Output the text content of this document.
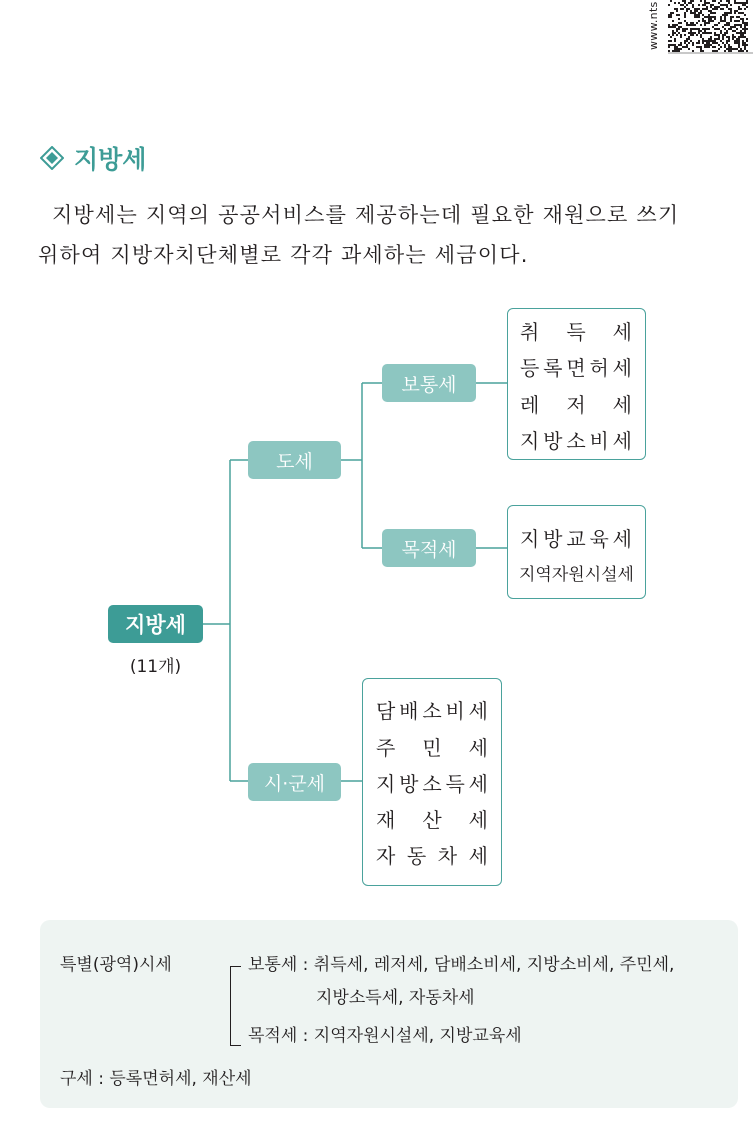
www.nts
지방세

지방세는 지역의 공공서비스를 제공하는데 필요한 재원으로 쓰기

위하여 지방자치단체별로 각각 과세하는 세금이다.

지방세
(11개)
도세
시·군세
보통세
목적세
취 득 세
등 록 면 허 세
레 저 세
지 방 소 비 세
지 방 교 육 세
지역자원시설세
담 배 소 비 세
주 민 세
지 방 소 득 세
재 산 세
자 동 차 세
특별(광역)시세	보통세 : 취득세, 레저세, 담배소비세, 지방소비세, 주민세,
지방소득세, 자동차세
목적세 : 지역자원시설세, 지방교육세
구세 : 등록면허세, 재산세
